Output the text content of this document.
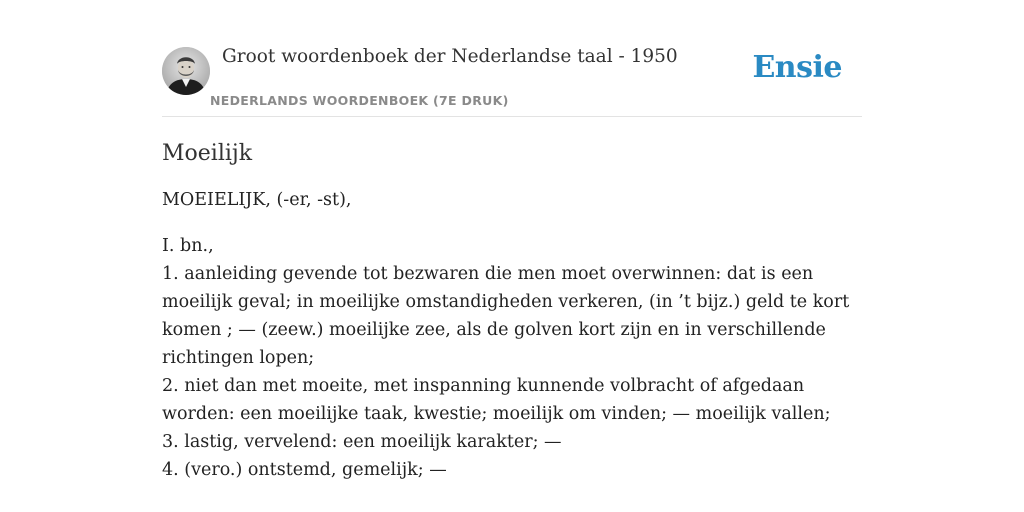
Groot woordenboek der Nederlandse taal - 1950
NEDERLANDS WOORDENBOEK (7E DRUK)
Ensie
Moeilijk

MOEIELIJK, (-er, -st),

I. bn.,
1. aanleiding gevende tot bezwaren die men moet overwinnen: dat is een moeilijk geval; in moeilijke omstandigheden verkeren, (in ’t bijz.) geld te kort komen ; — (zeew.) moeilijke zee, als de golven kort zijn en in verschillende richtingen lopen;
2. niet dan met moeite, met inspanning kunnende volbracht of afgedaan worden: een moeilijke taak, kwestie; moeilijk om vinden; — moeilijk vallen;
3. lastig, vervelend: een moeilijk karakter; —
4. (vero.) ontstemd, gemelijk; —
